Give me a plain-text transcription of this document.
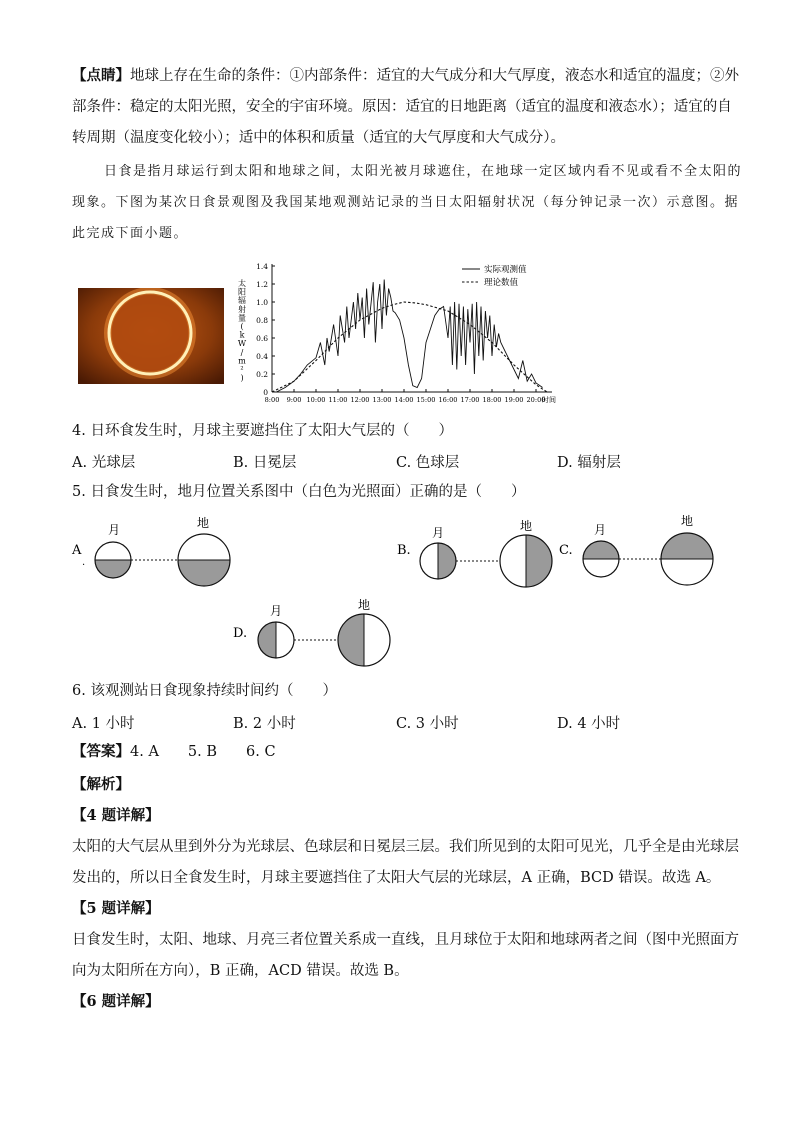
【点睛】地球上存在生命的条件：①内部条件：适宜的大气成分和大气厚度，液态水和适宜的温度；②外
部条件：稳定的太阳光照，安全的宇宙环境。原因：适宜的日地距离（适宜的温度和液态水）；适宜的自
转周期（温度变化较小）；适中的体积和质量（适宜的大气厚度和大气成分）。
日食是指月球运行到太阳和地球之间，太阳光被月球遮住，在地球一定区域内看不见或看不全太阳的
现象。下图为某次日食景观图及我国某地观测站记录的当日太阳辐射状况（每分钟记录一次）示意图。据
此完成下面小题。
0
0.2
0.4
0.6
0.8
1.0
1.2
1.4
8:00 9:00 10:00 11:00 12:00 13:00 14:00 15:00 16:00 17:00 18:00 19:00 20:00
时间
太
阳
辐
射
量
(
k
W
/
m
²
)
实际观测值
理论数值
4. 日环食发生时，月球主要遮挡住了太阳大气层的（　　）
A. 光球层	B. 日冕层	C. 色球层	D. 辐射层
5. 日食发生时，地月位置关系图中（白色为光照面）正确的是（　　）
A
.
月	地
B.
月	地
C.
月
地
D.
月	地
6. 该观测站日食现象持续时间约（　　）
A. 1 小时	B. 2 小时	C. 3 小时	D. 4 小时
【答案】4. A　　5. B　　6. C
【解析】
【4 题详解】
太阳的大气层从里到外分为光球层、色球层和日冕层三层。我们所见到的太阳可见光，几乎全是由光球层
发出的，所以日全食发生时，月球主要遮挡住了太阳大气层的光球层，A 正确，BCD 错误。故选 A。
【5 题详解】
日食发生时，太阳、地球、月亮三者位置关系成一直线，且月球位于太阳和地球两者之间（图中光照面方
向为太阳所在方向），B 正确，ACD 错误。故选 B。
【6 题详解】
